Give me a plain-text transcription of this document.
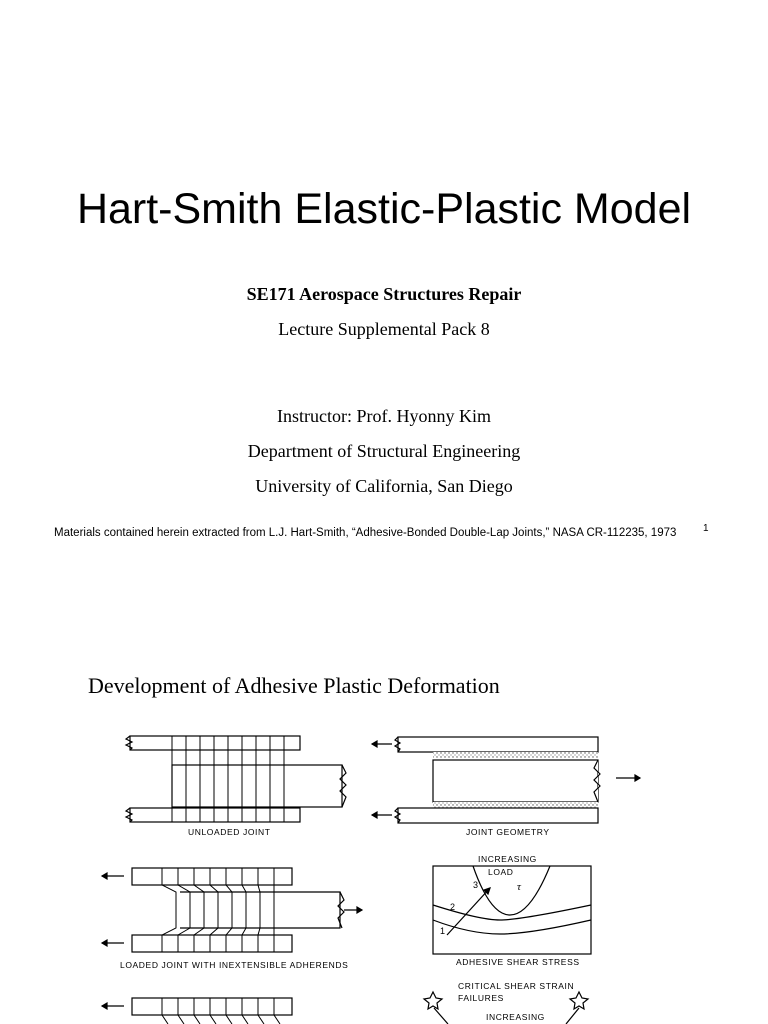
Hart-Smith Elastic-Plastic Model
SE171 Aerospace Structures Repair
Lecture Supplemental Pack 8
Instructor: Prof. Hyonny Kim
Department of Structural Engineering
University of California, San Diego
Materials contained herein extracted from L.J. Hart-Smith, “Adhesive-Bonded Double-Lap Joints,” NASA CR-112235, 1973	1
Development of Adhesive Plastic Deformation
UNLOADED JOINT	JOINT GEOMETRY
LOADED JOINT WITH INEXTENSIBLE ADHERENDS
INCREASING
LOAD
τ
1
2
3
ADHESIVE SHEAR STRESS
CRITICAL SHEAR STRAIN
FAILURES
INCREASING
